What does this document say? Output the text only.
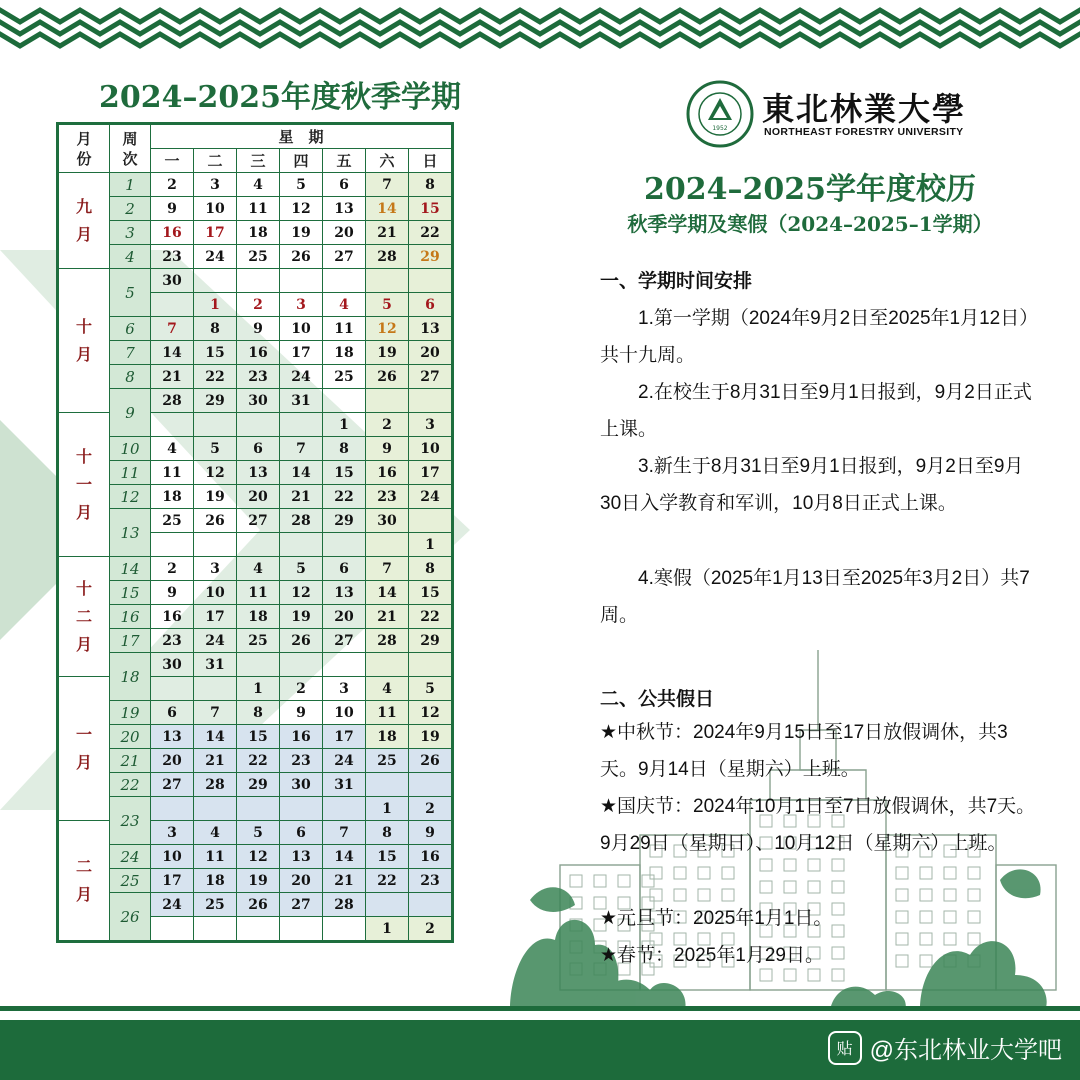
2024–2025年度秋季学期
月
份	周
次	星　期						
		一	二	三	四	五	六	日

九
月	1	2	3	4	5	6	7	8
	2	9	10	11	12	13	14	15
	3	16	17	18	19	20	21	22
	4	23	24	25	26	27	28	29

十
月	5	30						
			1	2	3	4	5	6
	6	7	8	9	10	11	12	13
	7	14	15	16	17	18	19	20
	8	21	22	23	24	25	26	27
	9	28	29	30	31			

十
一
月						1	2	3
	10	4	5	6	7	8	9	10
	11	11	12	13	14	15	16	17
	12	18	19	20	21	22	23	24
	13	25	26	27	28	29	30	
								1

十
二
月	14	2	3	4	5	6	7	8
	15	9	10	11	12	13	14	15
	16	16	17	18	19	20	21	22
	17	23	24	25	26	27	28	29
	18	30	31					

一
月				1	2	3	4	5
	19	6	7	8	9	10	11	12
	20	13	14	15	16	17	18	19
	21	20	21	22	23	24	25	26
	22	27	28	29	30	31		
	23						1	2

二
月		3	4	5	6	7	8	9
	24	10	11	12	13	14	15	16
	25	17	18	19	20	21	22	23
	26	24	25	26	27	28		
							1	2
1952
東北林業大學
NORTHEAST FORESTRY UNIVERSITY
2024–2025学年度校历
秋季学期及寒假（2024–2025–1学期）
一、学期时间安排
1.第一学期（2024年9月2日至2025年1月12日）共十九周。
2.在校生于8月31日至9月1日报到，9月2日正式上课。
3.新生于8月31日至9月1日报到，9月2日至9月30日入学教育和军训，10月8日正式上课。
4.寒假（2025年1月13日至2025年3月2日）共7周。
二、公共假日
★中秋节：2024年9月15日至17日放假调休，共3天。9月14日（星期六）上班。
★国庆节：2024年10月1日至7日放假调休，共7天。9月29日（星期日）、10月12日（星期六）上班。
★元旦节：2025年1月1日。
★春节：2025年1月29日。
贴 @东北林业大学吧
